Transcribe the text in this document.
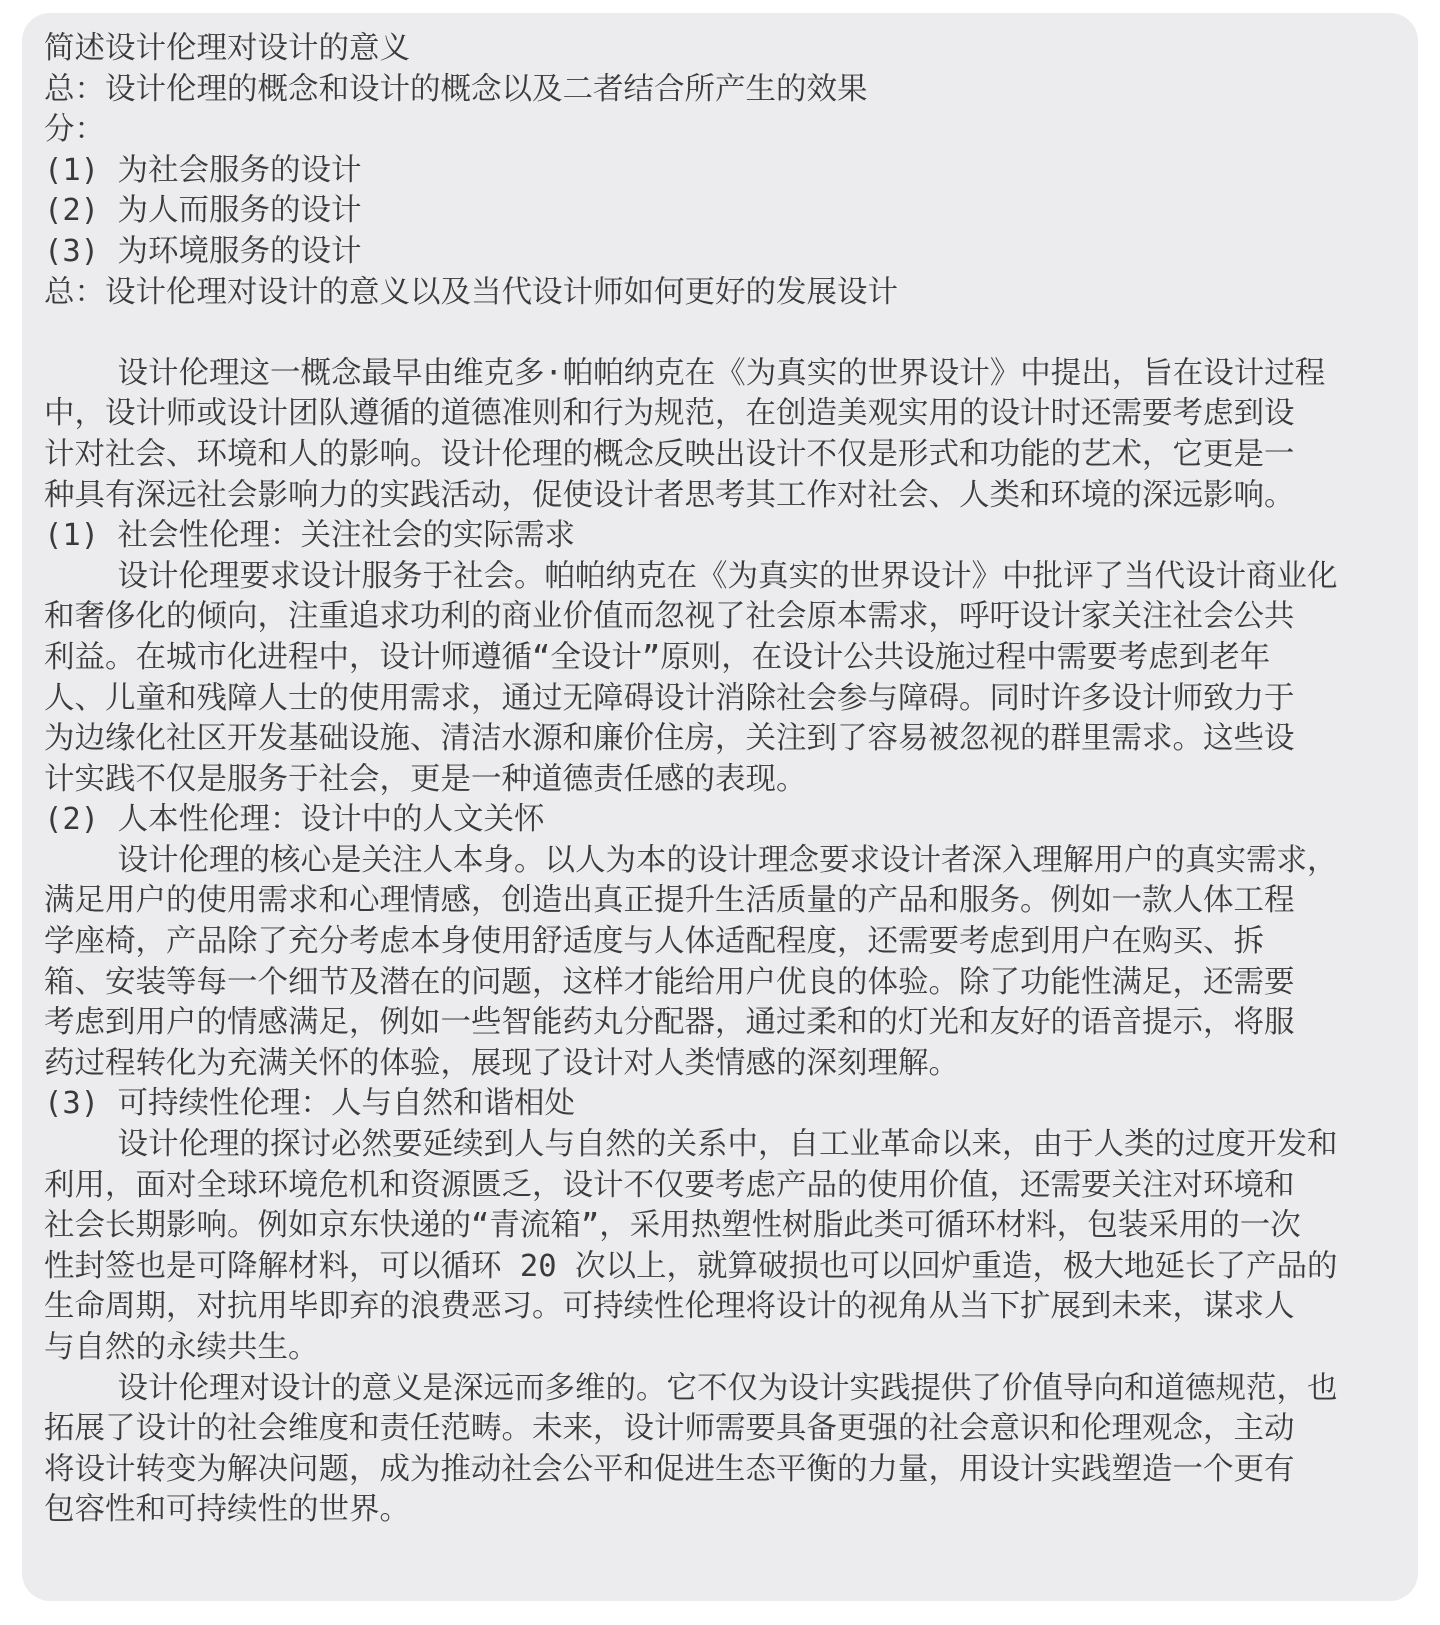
简述设计伦理对设计的意义
总：设计伦理的概念和设计的概念以及二者结合所产生的效果
分：
(1) 为社会服务的设计
(2) 为人而服务的设计
(3) 为环境服务的设计
总：设计伦理对设计的意义以及当代设计师如何更好的发展设计
设计伦理这一概念最早由维克多·帕帕纳克在《为真实的世界设计》中提出，旨在设计过程
中，设计师或设计团队遵循的道德准则和行为规范，在创造美观实用的设计时还需要考虑到设
计对社会、环境和人的影响。设计伦理的概念反映出设计不仅是形式和功能的艺术，它更是一
种具有深远社会影响力的实践活动，促使设计者思考其工作对社会、人类和环境的深远影响。
(1) 社会性伦理：关注社会的实际需求
设计伦理要求设计服务于社会。帕帕纳克在《为真实的世界设计》中批评了当代设计商业化
和奢侈化的倾向，注重追求功利的商业价值而忽视了社会原本需求，呼吁设计家关注社会公共
利益。在城市化进程中，设计师遵循“全设计”原则，在设计公共设施过程中需要考虑到老年
人、儿童和残障人士的使用需求，通过无障碍设计消除社会参与障碍。同时许多设计师致力于
为边缘化社区开发基础设施、清洁水源和廉价住房，关注到了容易被忽视的群里需求。这些设
计实践不仅是服务于社会，更是一种道德责任感的表现。
(2) 人本性伦理：设计中的人文关怀
设计伦理的核心是关注人本身。以人为本的设计理念要求设计者深入理解用户的真实需求，
满足用户的使用需求和心理情感，创造出真正提升生活质量的产品和服务。例如一款人体工程
学座椅，产品除了充分考虑本身使用舒适度与人体适配程度，还需要考虑到用户在购买、拆
箱、安装等每一个细节及潜在的问题，这样才能给用户优良的体验。除了功能性满足，还需要
考虑到用户的情感满足，例如一些智能药丸分配器，通过柔和的灯光和友好的语音提示，将服
药过程转化为充满关怀的体验，展现了设计对人类情感的深刻理解。
(3) 可持续性伦理：人与自然和谐相处
设计伦理的探讨必然要延续到人与自然的关系中，自工业革命以来，由于人类的过度开发和
利用，面对全球环境危机和资源匮乏，设计不仅要考虑产品的使用价值，还需要关注对环境和
社会长期影响。例如京东快递的“青流箱”，采用热塑性树脂此类可循环材料，包装采用的一次
性封签也是可降解材料，可以循环 20 次以上，就算破损也可以回炉重造，极大地延长了产品的
生命周期，对抗用毕即弃的浪费恶习。可持续性伦理将设计的视角从当下扩展到未来，谋求人
与自然的永续共生。
设计伦理对设计的意义是深远而多维的。它不仅为设计实践提供了价值导向和道德规范，也
拓展了设计的社会维度和责任范畴。未来，设计师需要具备更强的社会意识和伦理观念，主动
将设计转变为解决问题，成为推动社会公平和促进生态平衡的力量，用设计实践塑造一个更有
包容性和可持续性的世界。
